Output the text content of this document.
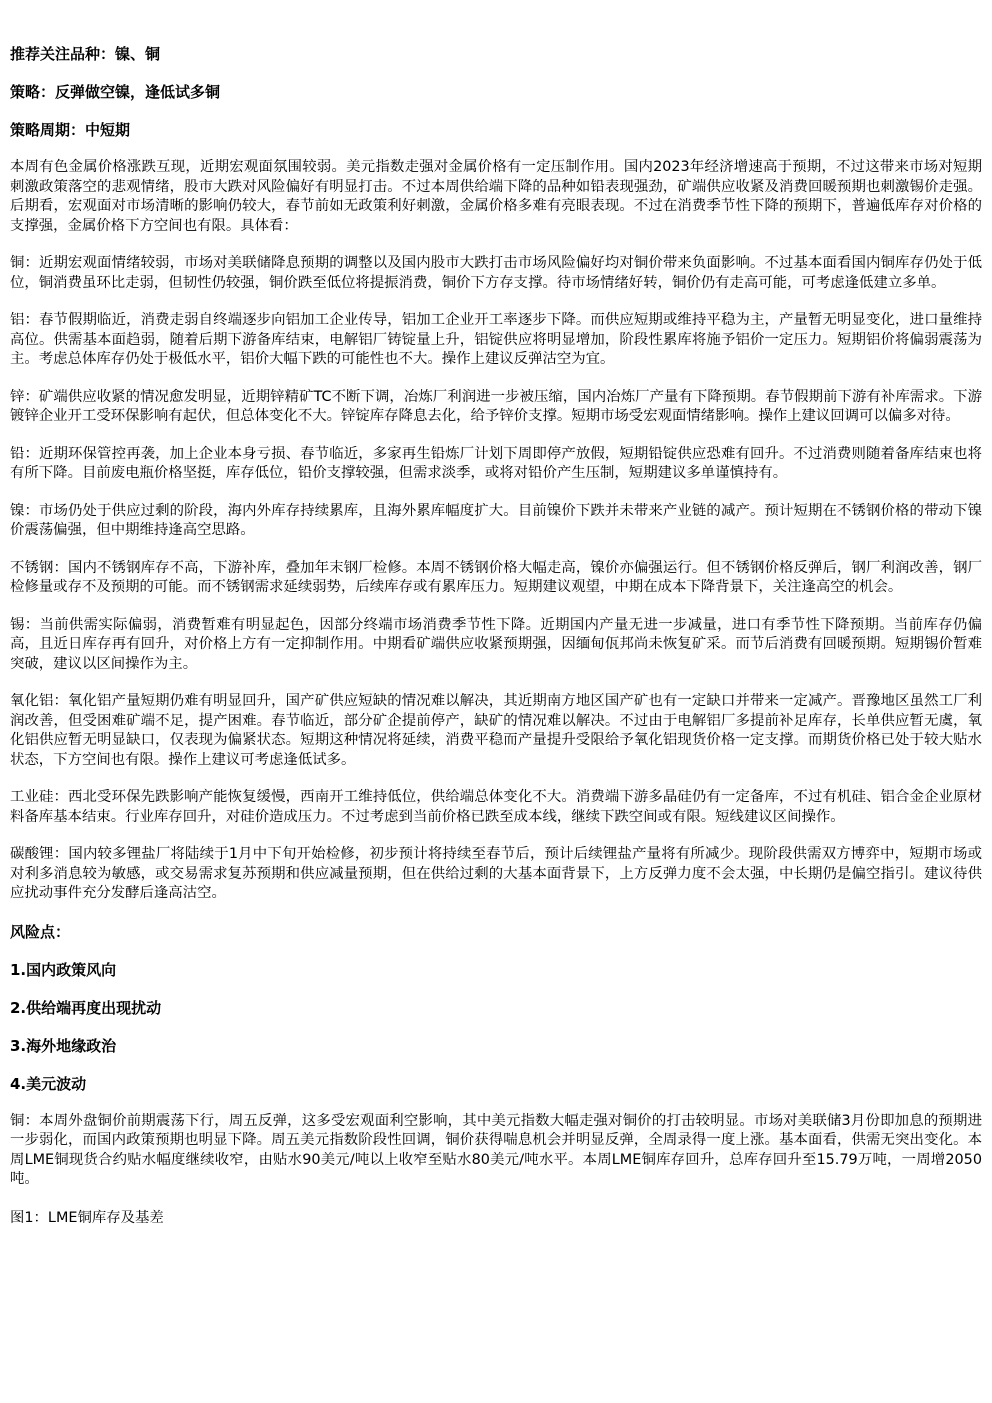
推荐关注品种：镍、铜

策略：反弹做空镍，逢低试多铜

策略周期：中短期

本周有色金属价格涨跌互现，近期宏观面氛围较弱。美元指数走强对金属价格有一定压制作用。国内2023年经济增速高于预期，不过这带来市场对短期刺激政策落空的悲观情绪，股市大跌对风险偏好有明显打击。不过本周供给端下降的品种如铅表现强劲，矿端供应收紧及消费回暖预期也刺激锡价走强。后期看，宏观面对市场清晰的影响仍较大，春节前如无政策利好刺激，金属价格多难有亮眼表现。不过在消费季节性下降的预期下，普遍低库存对价格的支撑强，金属价格下方空间也有限。具体看：

铜：近期宏观面情绪较弱，市场对美联储降息预期的调整以及国内股市大跌打击市场风险偏好均对铜价带来负面影响。不过基本面看国内铜库存仍处于低位，铜消费虽环比走弱，但韧性仍较强，铜价跌至低位将提振消费，铜价下方存支撑。待市场情绪好转，铜价仍有走高可能，可考虑逢低建立多单。

铝：春节假期临近，消费走弱自终端逐步向铝加工企业传导，铝加工企业开工率逐步下降。而供应短期或维持平稳为主，产量暂无明显变化，进口量维持高位。供需基本面趋弱，随着后期下游备库结束，电解铝厂铸锭量上升，铝锭供应将明显增加，阶段性累库将施予铝价一定压力。短期铝价将偏弱震荡为主。考虑总体库存仍处于极低水平，铝价大幅下跌的可能性也不大。操作上建议反弹沽空为宜。

锌：矿端供应收紧的情况愈发明显，近期锌精矿TC不断下调，冶炼厂利润进一步被压缩，国内冶炼厂产量有下降预期。春节假期前下游有补库需求。下游镀锌企业开工受环保影响有起伏，但总体变化不大。锌锭库存降息去化，给予锌价支撑。短期市场受宏观面情绪影响。操作上建议回调可以偏多对待。

铅：近期环保管控再袭，加上企业本身亏损、春节临近，多家再生铅炼厂计划下周即停产放假，短期铅锭供应恐难有回升。不过消费则随着备库结束也将有所下降。目前废电瓶价格坚挺，库存低位，铅价支撑较强，但需求淡季，或将对铅价产生压制，短期建议多单谨慎持有。

镍：市场仍处于供应过剩的阶段，海内外库存持续累库，且海外累库幅度扩大。目前镍价下跌并未带来产业链的减产。预计短期在不锈钢价格的带动下镍价震荡偏强，但中期维持逢高空思路。

不锈钢：国内不锈钢库存不高，下游补库，叠加年末钢厂检修。本周不锈钢价格大幅走高，镍价亦偏强运行。但不锈钢价格反弹后，钢厂利润改善，钢厂检修量或存不及预期的可能。而不锈钢需求延续弱势，后续库存或有累库压力。短期建议观望，中期在成本下降背景下，关注逢高空的机会。

锡：当前供需实际偏弱，消费暂难有明显起色，因部分终端市场消费季节性下降。近期国内产量无进一步减量，进口有季节性下降预期。当前库存仍偏高，且近日库存再有回升，对价格上方有一定抑制作用。中期看矿端供应收紧预期强，因缅甸佤邦尚未恢复矿采。而节后消费有回暖预期。短期锡价暂难突破，建议以区间操作为主。

氧化铝：氧化铝产量短期仍难有明显回升，国产矿供应短缺的情况难以解决，其近期南方地区国产矿也有一定缺口并带来一定减产。晋豫地区虽然工厂利润改善，但受困难矿端不足，提产困难。春节临近，部分矿企提前停产，缺矿的情况难以解决。不过由于电解铝厂多提前补足库存，长单供应暂无虞，氧化铝供应暂无明显缺口，仅表现为偏紧状态。短期这种情况将延续，消费平稳而产量提升受限给予氧化铝现货价格一定支撑。而期货价格已处于较大贴水状态，下方空间也有限。操作上建议可考虑逢低试多。

工业硅：西北受环保先跌影响产能恢复缓慢，西南开工维持低位，供给端总体变化不大。消费端下游多晶硅仍有一定备库，不过有机硅、铝合金企业原材料备库基本结束。行业库存回升，对硅价造成压力。不过考虑到当前价格已跌至成本线，继续下跌空间或有限。短线建议区间操作。

碳酸锂：国内较多锂盐厂将陆续于1月中下旬开始检修，初步预计将持续至春节后，预计后续锂盐产量将有所减少。现阶段供需双方博弈中，短期市场或对利多消息较为敏感，或交易需求复苏预期和供应减量预期，但在供给过剩的大基本面背景下，上方反弹力度不会太强，中长期仍是偏空指引。建议待供应扰动事件充分发酵后逢高沽空。

风险点：

1.国内政策风向

2.供给端再度出现扰动

3.海外地缘政治

4.美元波动

铜：本周外盘铜价前期震荡下行，周五反弹，这多受宏观面利空影响，其中美元指数大幅走强对铜价的打击较明显。市场对美联储3月份即加息的预期进一步弱化，而国内政策预期也明显下降。周五美元指数阶段性回调，铜价获得喘息机会并明显反弹，全周录得一度上涨。基本面看，供需无突出变化。本周LME铜现货合约贴水幅度继续收窄，由贴水90美元/吨以上收窄至贴水80美元/吨水平。本周LME铜库存回升，总库存回升至15.79万吨，一周增2050吨。

图1：LME铜库存及基差
